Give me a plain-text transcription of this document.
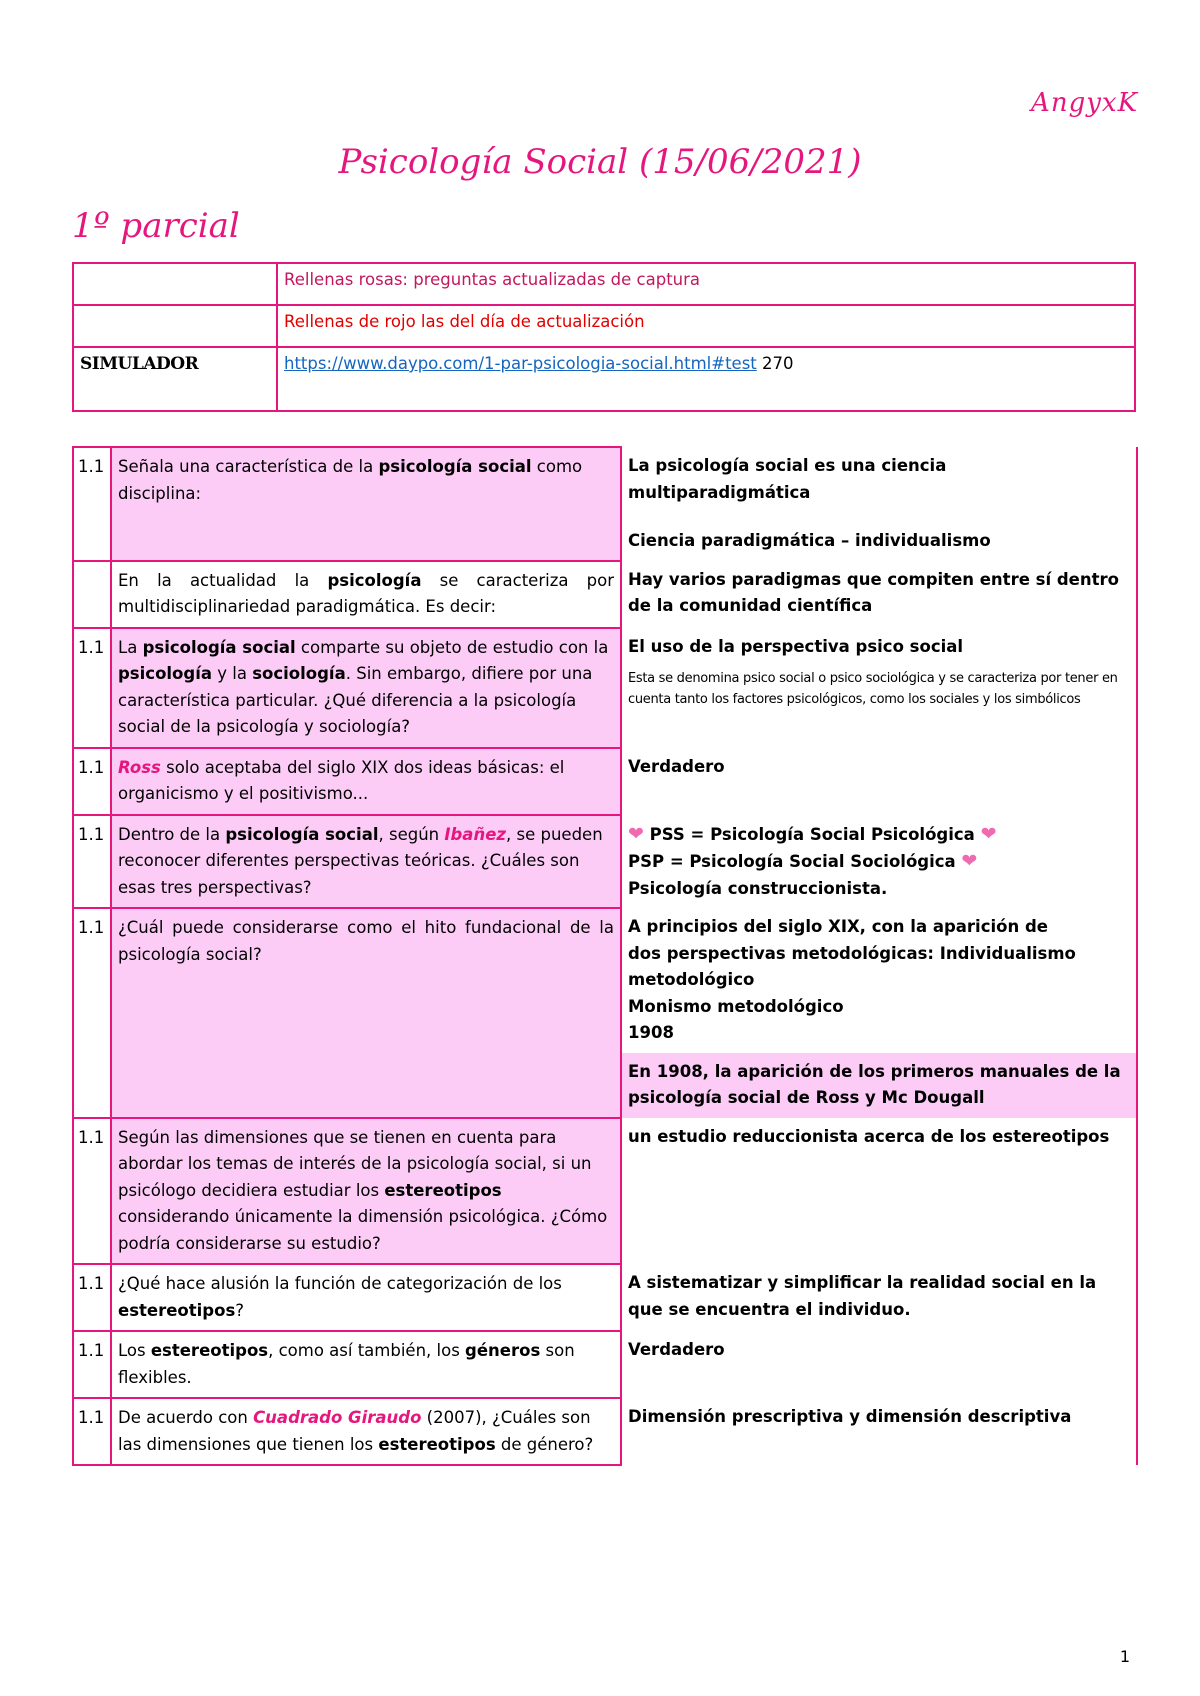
AngyxK
Psicología Social (15/06/2021)
1º parcial
	Rellenas rosas: preguntas actualizadas de captura
	Rellenas de rojo las del día de actualización
SIMULADOR	https://www.daypo.com/1-par-psicologia-social.html#test 270
1.1	Señala una característica de la psicología social como disciplina:	La psicología social es una ciencia multiparadigmática
Ciencia paradigmática – individualismo
	En la actualidad la psicología se caracteriza por multidisciplinariedad paradigmática. Es decir:	Hay varios paradigmas que compiten entre sí dentro de la comunidad científica
1.1	La psicología social comparte su objeto de estudio con la psicología y la sociología. Sin embargo, difiere por una característica particular. ¿Qué diferencia a la psicología social de la psicología y sociología?	El uso de la perspectiva psico social
Esta se denomina psico social o psico sociológica y se caracteriza por tener en cuenta tanto los factores psicológicos, como los sociales y los simbólicos

1.1	Ross solo aceptaba del siglo XIX dos ideas básicas: el organicismo y el positivismo...	Verdadero
1.1	Dentro de la psicología social, según Ibañez, se pueden reconocer diferentes perspectivas teóricas. ¿Cuáles son esas tres perspectivas?	❤ PSS = Psicología Social Psicológica ❤
PSP = Psicología Social Sociológica ❤
Psicología construccionista.
1.1	¿Cuál puede considerarse como el hito fundacional de la psicología social?	A principios del siglo XIX, con la aparición de
dos perspectivas metodológicas: Individualismo metodológico
Monismo metodológico
1908
		En 1908, la aparición de los primeros manuales de la psicología social de Ross y Mc Dougall
1.1	Según las dimensiones que se tienen en cuenta para abordar los temas de interés de la psicología social, si un psicólogo decidiera estudiar los estereotipos considerando únicamente la dimensión psicológica. ¿Cómo podría considerarse su estudio?	un estudio reduccionista acerca de los estereotipos
1.1	¿Qué hace alusión la función de categorización de los estereotipos?	A sistematizar y simplificar la realidad social en la que se encuentra el individuo.
1.1	Los estereotipos, como así también, los géneros son flexibles.	Verdadero
1.1	De acuerdo con Cuadrado Giraudo (2007), ¿Cuáles son las dimensiones que tienen los estereotipos de género?	Dimensión prescriptiva y dimensión descriptiva
1
